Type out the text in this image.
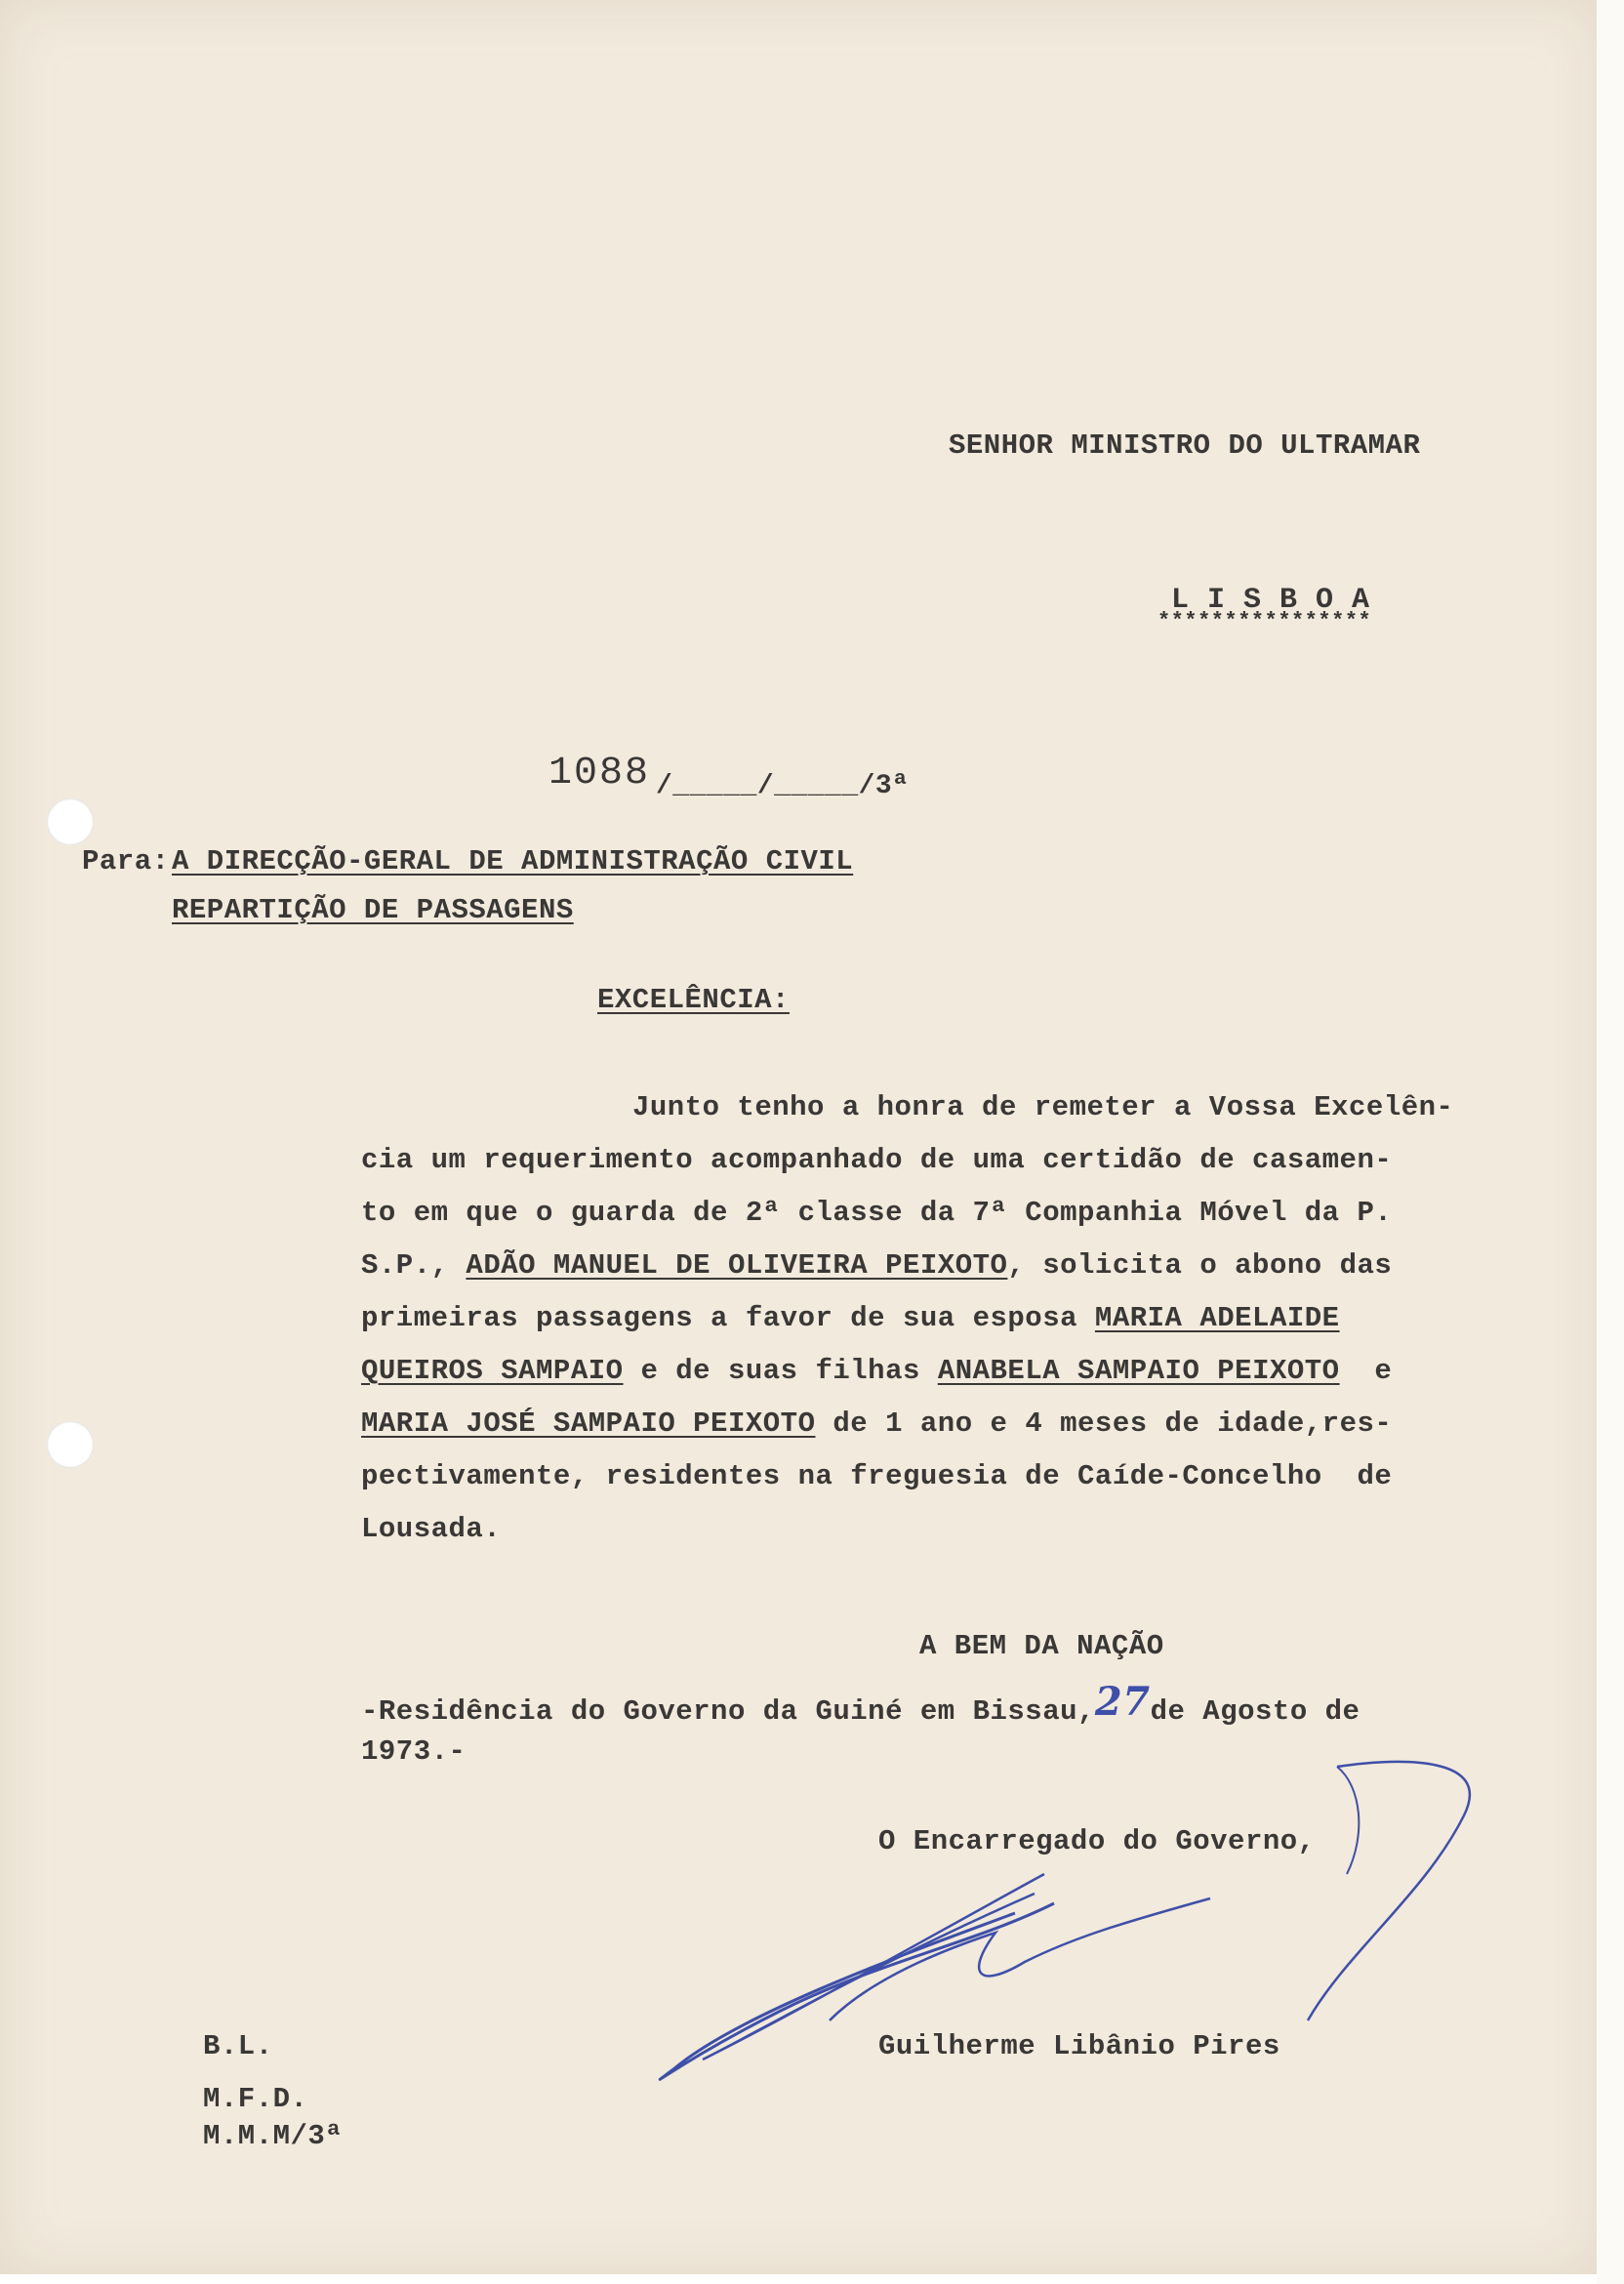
SENHOR MINISTRO DO ULTRAMAR
L I S B O A
****************
1088 /_____/_____/3ª
Para: A DIRECÇÃO-GERAL DE ADMINISTRAÇÃO CIVIL
REPARTIÇÃO DE PASSAGENS
EXCELÊNCIA:
Junto tenho a honra de remeter a Vossa Excelên-
cia um requerimento acompanhado de uma certidão de casamen-
to em que o guarda de 2ª classe da 7ª Companhia Móvel da P.
S.P., ADÃO MANUEL DE OLIVEIRA PEIXOTO, solicita o abono das
primeiras passagens a favor de sua esposa MARIA ADELAIDE
QUEIROS SAMPAIO e de suas filhas ANABELA SAMPAIO PEIXOTO  e
MARIA JOSÉ SAMPAIO PEIXOTO de 1 ano e 4 meses de idade,res-
pectivamente, residentes na freguesia de Caíde-Concelho  de
Lousada.
A BEM DA NAÇÃO
-Residência do Governo da Guiné em Bissau,27de Agosto de
1973.-
O Encarregado do Governo,
Guilherme Libânio Pires
B.L.
M.F.D.
M.M.M/3ª
